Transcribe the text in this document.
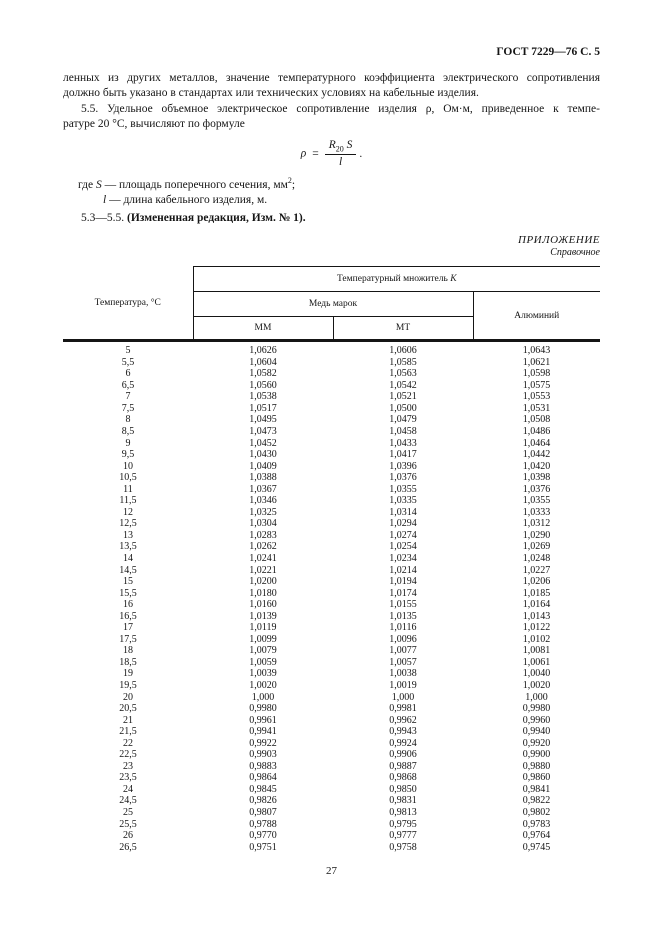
ГОСТ 7229—76 С. 5
ленных из других металлов, значение температурного коэффициента электрического сопротивления
должно быть указано в стандартах или технических условиях на кабельные изделия.
5.5. Удельное объемное электрическое сопротивление изделия ρ, Ом·м, приведенное к темпе-
ратуре 20 °С, вычисляют по формуле
$\rho = \frac{R_{20} S}{l}$ .
где S — площадь поперечного сечения, $мм^2$;
l — длина кабельного изделия, м.
5.3—5.5. (Измененная редакция, Изм. № 1).
ПРИЛОЖЕНИЕ
Справочное
Температура, °С	Температурный множитель К		
	Медь марок		Алюминий
	ММ	МТ	
5	1,0626	1,0606	1,0643
5,5	1,0604	1,0585	1,0621
6	1,0582	1,0563	1,0598
6,5	1,0560	1,0542	1,0575
7	1,0538	1,0521	1,0553
7,5	1,0517	1,0500	1,0531
8	1,0495	1,0479	1,0508
8,5	1,0473	1,0458	1,0486
9	1,0452	1,0433	1,0464
9,5	1,0430	1,0417	1,0442
10	1,0409	1,0396	1,0420
10,5	1,0388	1,0376	1,0398
11	1,0367	1,0355	1,0376
11,5	1,0346	1,0335	1,0355
12	1,0325	1,0314	1,0333
12,5	1,0304	1,0294	1,0312
13	1,0283	1,0274	1,0290
13,5	1,0262	1,0254	1,0269
14	1,0241	1,0234	1,0248
14,5	1,0221	1,0214	1,0227
15	1,0200	1,0194	1,0206
15,5	1,0180	1,0174	1,0185
16	1,0160	1,0155	1,0164
16,5	1,0139	1,0135	1,0143
17	1,0119	1,0116	1,0122
17,5	1,0099	1,0096	1,0102
18	1,0079	1,0077	1,0081
18,5	1,0059	1,0057	1,0061
19	1,0039	1,0038	1,0040
19,5	1,0020	1,0019	1,0020
20	1,000	1,000	1,000
20,5	0,9980	0,9981	0,9980
21	0,9961	0,9962	0,9960
21,5	0,9941	0,9943	0,9940
22	0,9922	0,9924	0,9920
22,5	0,9903	0,9906	0,9900
23	0,9883	0,9887	0,9880
23,5	0,9864	0,9868	0,9860
24	0,9845	0,9850	0,9841
24,5	0,9826	0,9831	0,9822
25	0,9807	0,9813	0,9802
25,5	0,9788	0,9795	0,9783
26	0,9770	0,9777	0,9764
26,5	0,9751	0,9758	0,9745
27
